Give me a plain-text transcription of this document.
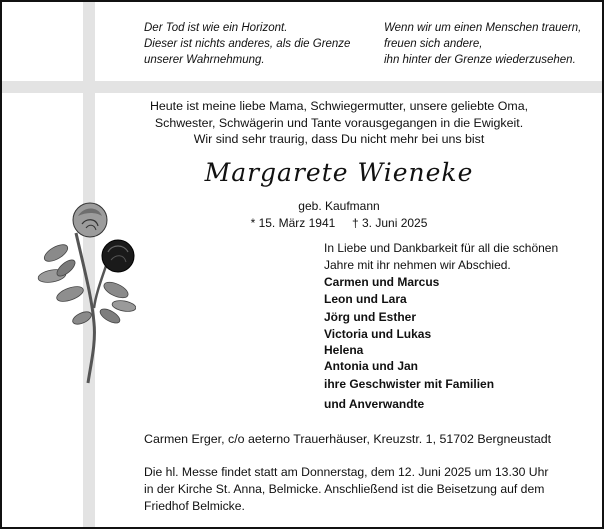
Der Tod ist wie ein Horizont.
Dieser ist nichts anderes, als die Grenze
unserer Wahrnehmung.
Wenn wir um einen Menschen trauern,
freuen sich andere,
ihn hinter der Grenze wiederzusehen.
Heute ist meine liebe Mama, Schwiegermutter, unsere geliebte Oma,
Schwester, Schwägerin und Tante vorausgegangen in die Ewigkeit.
Wir sind sehr traurig, dass Du nicht mehr bei uns bist
Margarete Wieneke
geb. Kaufmann
* 15. März 1941 † 3. Juni 2025
In Liebe und Dankbarkeit für all die schönen
Jahre mit ihr nehmen wir Abschied.
Carmen und Marcus
Leon und Lara
Jörg und Esther
Victoria und Lukas
Helena
Antonia und Jan
ihre Geschwister mit Familien
und Anverwandte
Carmen Erger, c/o aeterno Trauerhäuser, Kreuzstr. 1, 51702 Bergneustadt
Die hl. Messe findet statt am Donnerstag, dem 12. Juni 2025 um 13.30 Uhr
in der Kirche St. Anna, Belmicke. Anschließend ist die Beisetzung auf dem
Friedhof Belmicke.
